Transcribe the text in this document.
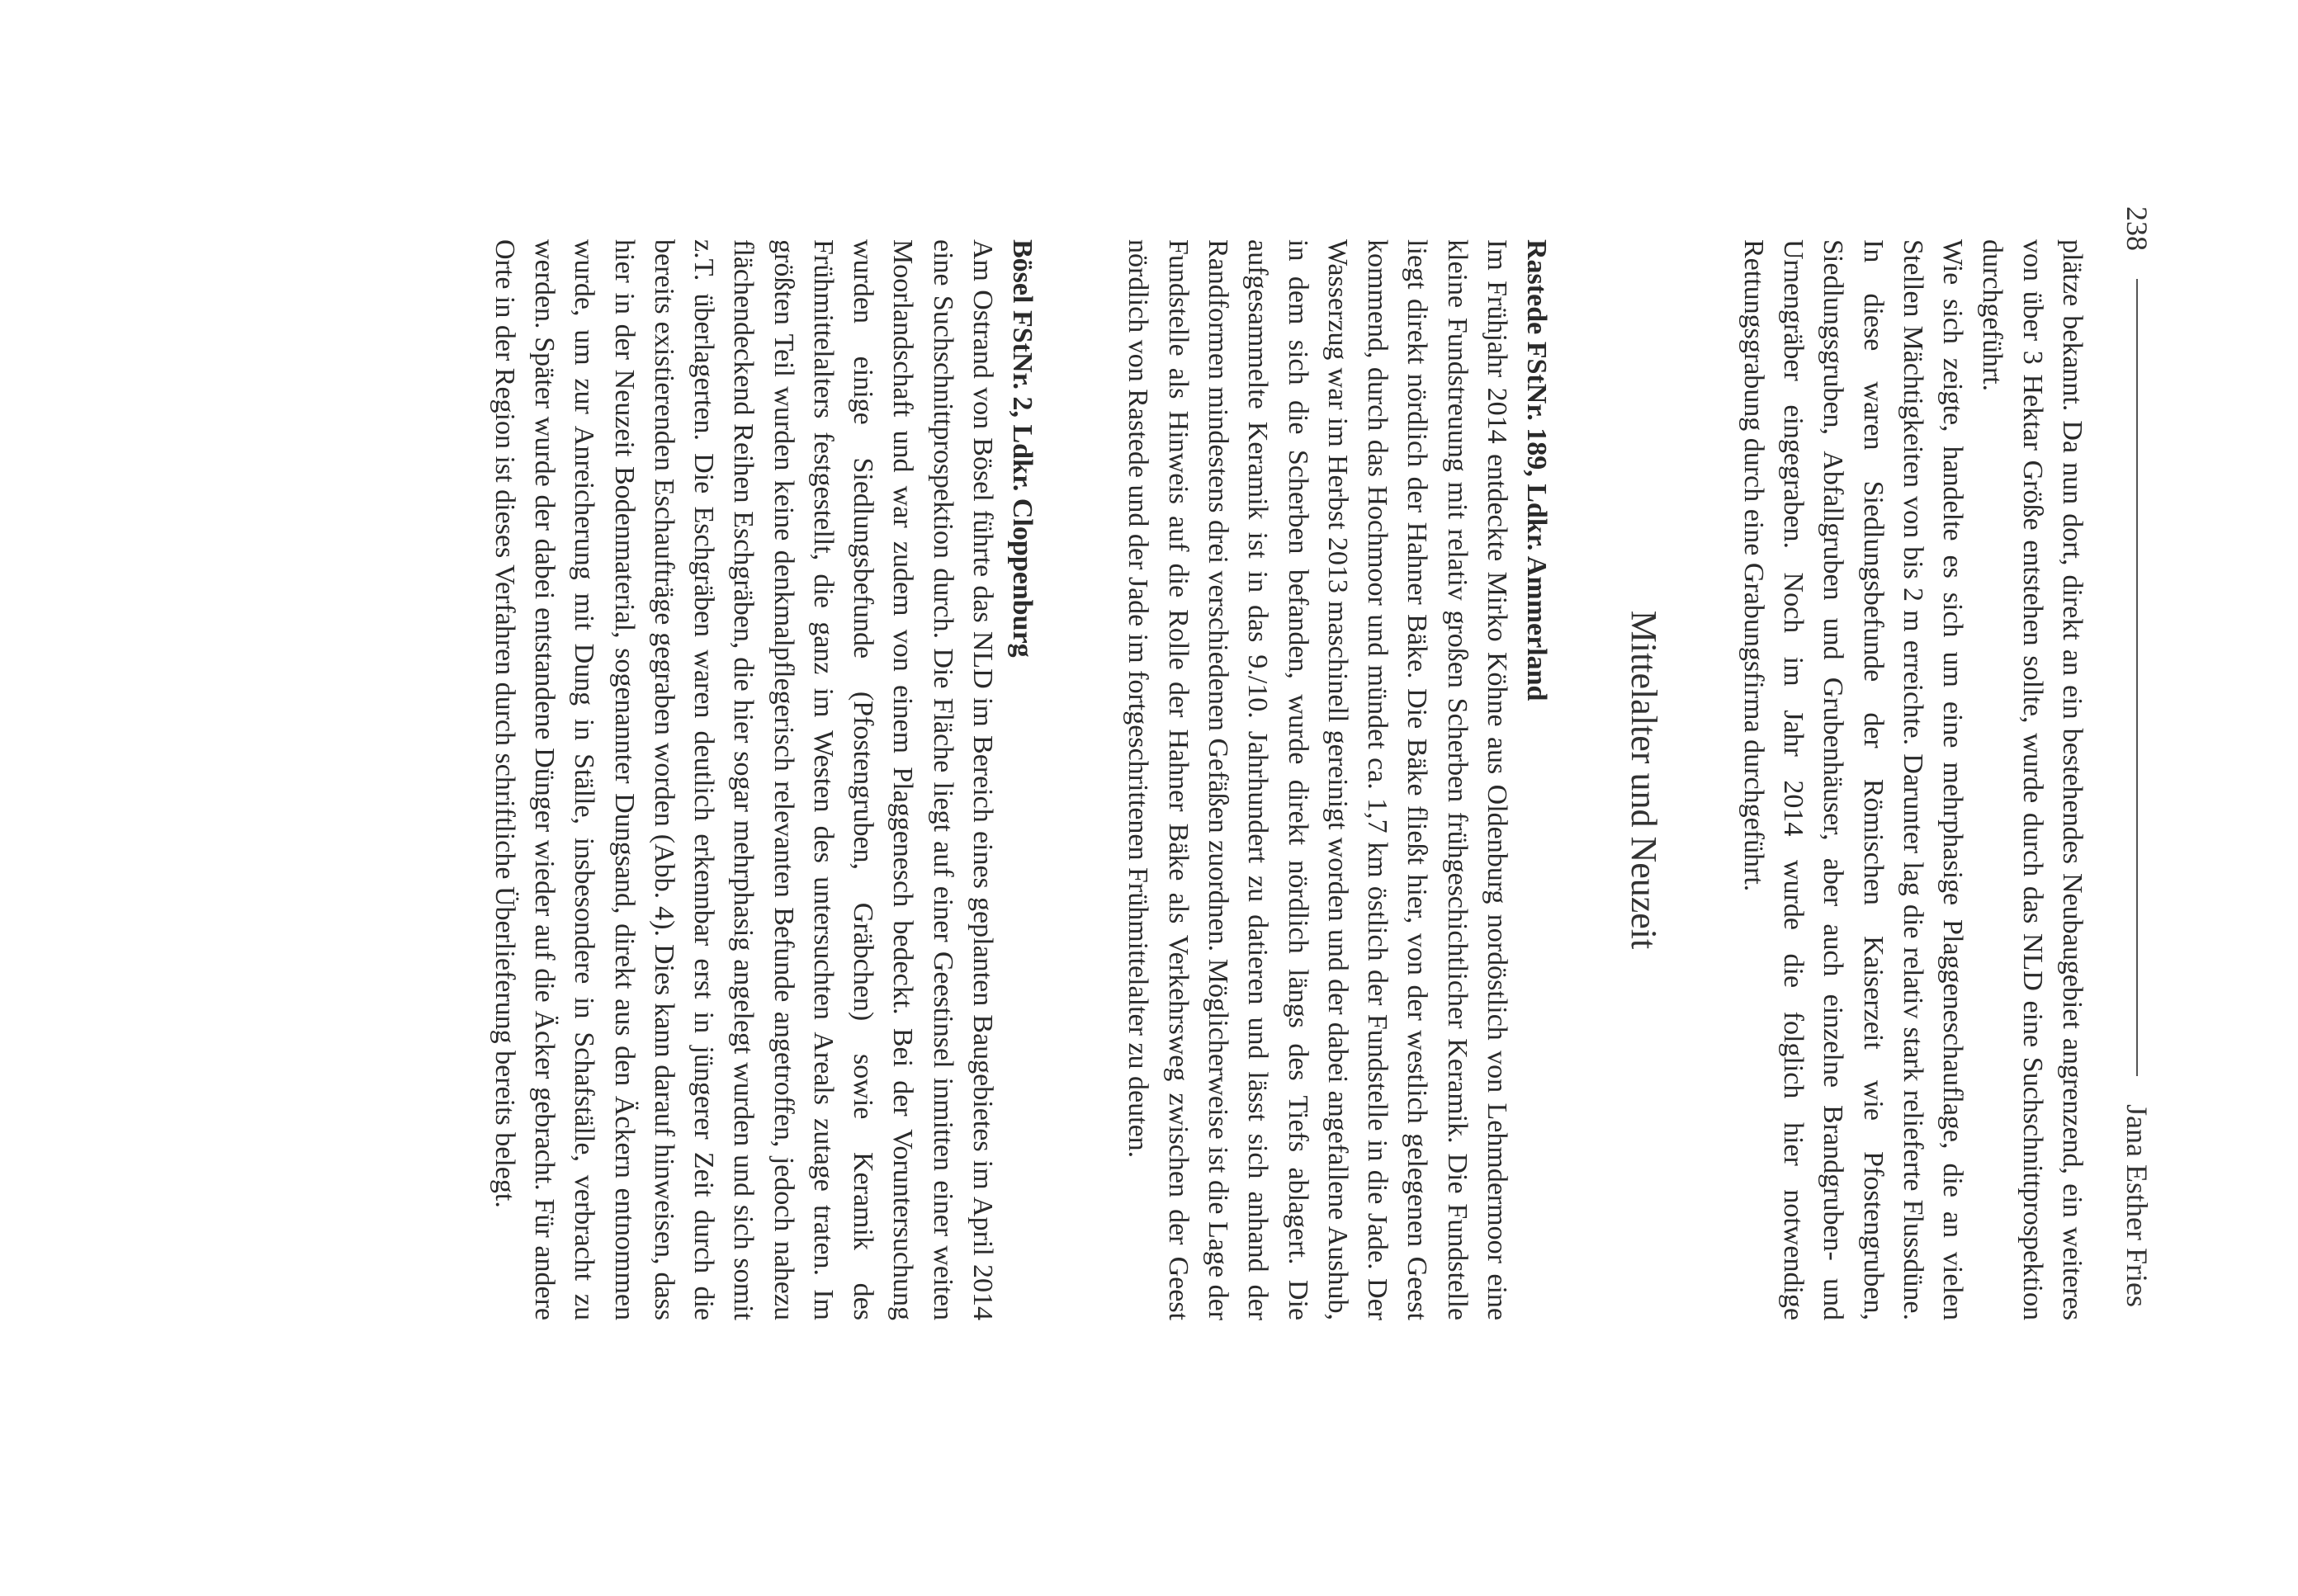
238
Jana Esther Fries

plätze bekannt. Da nun dort, direkt an ein bestehendes Neubaugebiet angrenzend, ein weiteres von über 3 Hektar Größe entstehen sollte, wurde durch das NLD eine Suchschnittprospektion durchgeführt.

Wie sich zeigte, handelte es sich um eine mehrphasige Plaggeneschauflage, die an vielen Stellen Mächtigkeiten von bis 2 m erreichte. Darunter lag die relativ stark relieferte Flussdüne. In diese waren Siedlungsbefunde der Römischen Kaiserzeit wie Pfostengruben, Siedlungsgruben, Abfallgruben und Grubenhäuser, aber auch einzelne Brandgruben- und Urnengräber eingegraben. Noch im Jahr 2014 wurde die folglich hier notwendige Rettungsgrabung durch eine Grabungsfirma durchgeführt.

Mittelalter und Neuzeit
Rastede FStNr. 189, Ldkr. Ammerland

Im Frühjahr 2014 entdeckte Mirko Köhne aus Oldenburg nordöstlich von Lehmdermoor eine kleine Fundstreuung mit relativ großen Scherben frühgeschichtlicher Keramik. Die Fundstelle liegt direkt nördlich der Hahner Bäke. Die Bäke fließt hier, von der westlich gelegenen Geest kommend, durch das Hochmoor und mündet ca. 1,7 km östlich der Fundstelle in die Jade. Der Wasserzug war im Herbst 2013 maschinell gereinigt worden und der dabei angefallene Aushub, in dem sich die Scherben befanden, wurde direkt nördlich längs des Tiefs ablagert. Die aufgesammelte Keramik ist in das 9./10. Jahrhundert zu datieren und lässt sich anhand der Randformen mindestens drei verschiedenen Gefäßen zuordnen. Möglicherweise ist die Lage der Fundstelle als Hinweis auf die Rolle der Hahner Bäke als Verkehrsweg zwischen der Geest nördlich von Rastede und der Jade im fortgeschrittenen Frühmittelalter zu deuten.

Bösel FStNr. 2, Ldkr. Cloppenburg

Am Ostrand von Bösel führte das NLD im Bereich eines geplanten Baugebietes im April 2014 eine Suchschnittprospektion durch. Die Fläche liegt auf einer Geestinsel inmitten einer weiten Moorlandschaft und war zudem von einem Plaggenesch bedeckt. Bei der Voruntersuchung wurden einige Siedlungsbefunde (Pfostengruben, Gräbchen) sowie Keramik des Frühmittelalters festgestellt, die ganz im Westen des untersuchten Areals zutage traten. Im größten Teil wurden keine denkmalpflegerisch relevanten Befunde angetroffen, jedoch nahezu flächendeckend Reihen Eschgräben, die hier sogar mehrphasig angelegt wurden und sich somit z.T. überlagerten. Die Eschgräben waren deutlich erkennbar erst in jüngerer Zeit durch die bereits existierenden Eschaufträge gegraben worden (Abb. 4). Dies kann darauf hinweisen, dass hier in der Neuzeit Bodenmaterial, sogenannter Dungsand, direkt aus den Äckern entnommen wurde, um zur Anreicherung mit Dung in Ställe, insbesondere in Schafställe, verbracht zu werden. Später wurde der dabei entstandene Dünger wieder auf die Äcker gebracht. Für andere Orte in der Region ist dieses Verfahren durch schriftliche Überlieferung bereits belegt.
